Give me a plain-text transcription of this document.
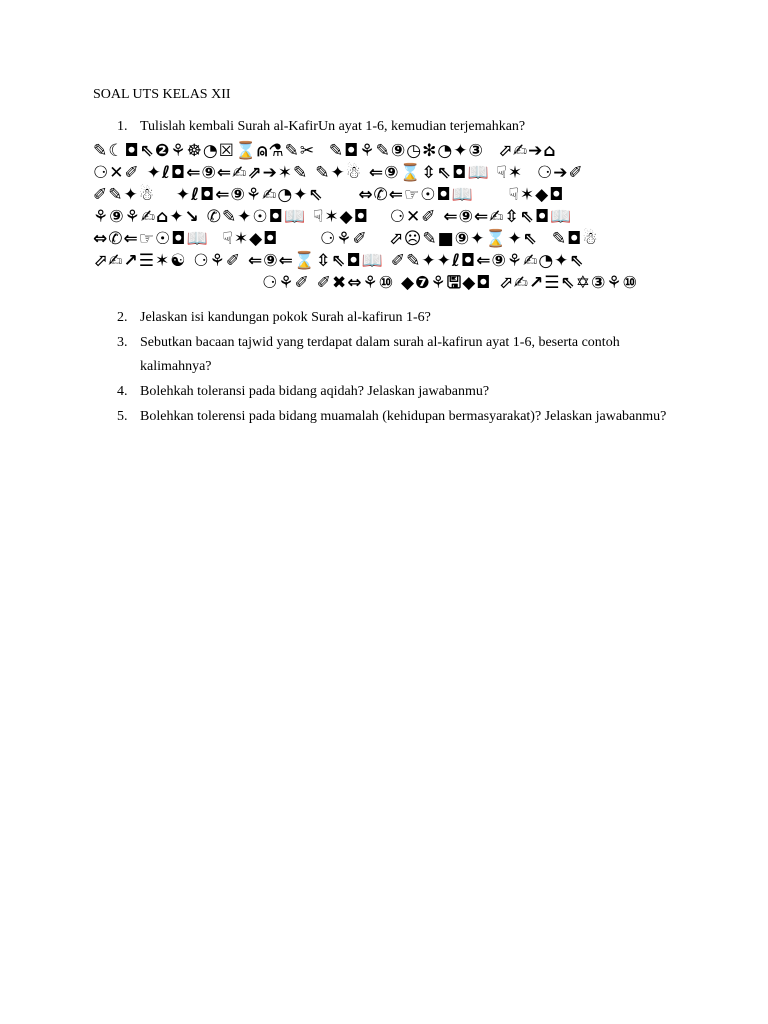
SOAL UTS KELAS XII
1. Tulislah kembali Surah al-KafirUn ayat 1-6, kemudian terjemahkan?
✎☾◘⇖❷⚘☸◔☒⌛⍝⚗✎✂  ✎◘⚘✎⑨◷✻◔✦③  ⬀✍➔⌂
⚆✕✐ ✦ℓ◘⇐⑨⇐✍⇗➔✶✎ ✎✦☃ ⇐⑨⌛⇳⇖◘📖 ☟✶  ⚆➔✐
✐✎✦☃   ✦ℓ◘⇐⑨⚘✍◔✦⇖     ⇔✆⇐☞☉◘📖     ☟✶◆◘
⚘⑨⚘✍⌂✦↘ ✆✎✦☉◘📖 ☟✶◆◘   ⚆✕✐ ⇐⑨⇐✍⇳⇖◘📖
⇔✆⇐☞☉◘📖  ☟✶◆◘      ⚆⚘✐   ⬀☹✎■⑨✦⌛✦⇖  ✎◘☃
⬀✍↗☰✶☯ ⚆⚘✐ ⇐⑨⇐⌛⇳⇖◘📖 ✐✎✦✦ℓ◘⇐⑨⚘✍◔✦⇖
⚆⚘✐ ✐✖⇔⚘⑩ ◆❼⚘🖫◆◘ ⬀✍↗☰⇖✡③⚘⑩
2. Jelaskan isi kandungan pokok Surah al-kafirun 1-6?
3. Sebutkan bacaan tajwid yang terdapat dalam surah al-kafirun ayat 1-6, beserta contoh kalimahnya?
4. Bolehkah toleransi pada bidang aqidah? Jelaskan jawabanmu?
5. Bolehkan tolerensi pada bidang muamalah (kehidupan bermasyarakat)? Jelaskan jawabanmu?
